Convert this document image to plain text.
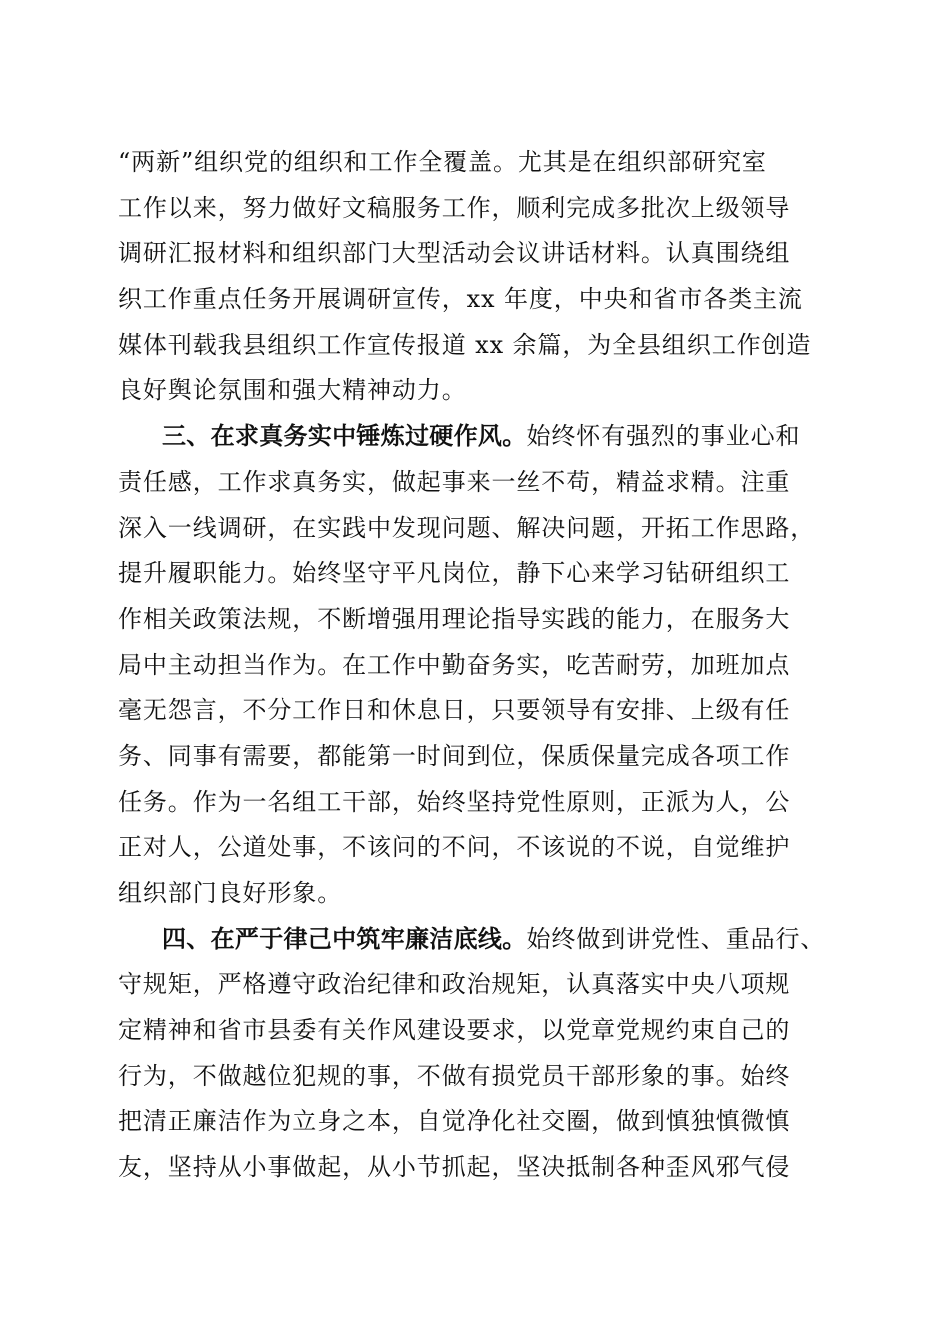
“两新”组织党的组织和工作全覆盖。尤其是在组织部研究室
工作以来，努力做好文稿服务工作，顺利完成多批次上级领导
调研汇报材料和组织部门大型活动会议讲话材料。认真围绕组
织工作重点任务开展调研宣传，xx 年度，中央和省市各类主流
媒体刊载我县组织工作宣传报道 xx 余篇，为全县组织工作创造
良好舆论氛围和强大精神动力。
三、在求真务实中锤炼过硬作风。始终怀有强烈的事业心和
责任感，工作求真务实，做起事来一丝不苟，精益求精。注重
深入一线调研，在实践中发现问题、解决问题，开拓工作思路，
提升履职能力。始终坚守平凡岗位，静下心来学习钻研组织工
作相关政策法规，不断增强用理论指导实践的能力，在服务大
局中主动担当作为。在工作中勤奋务实，吃苦耐劳，加班加点
毫无怨言，不分工作日和休息日，只要领导有安排、上级有任
务、同事有需要，都能第一时间到位，保质保量完成各项工作
任务。作为一名组工干部，始终坚持党性原则，正派为人，公
正对人，公道处事，不该问的不问，不该说的不说，自觉维护
组织部门良好形象。
四、在严于律己中筑牢廉洁底线。始终做到讲党性、重品行、
守规矩，严格遵守政治纪律和政治规矩，认真落实中央八项规
定精神和省市县委有关作风建设要求，以党章党规约束自己的
行为，不做越位犯规的事，不做有损党员干部形象的事。始终
把清正廉洁作为立身之本，自觉净化社交圈，做到慎独慎微慎
友，坚持从小事做起，从小节抓起，坚决抵制各种歪风邪气侵
